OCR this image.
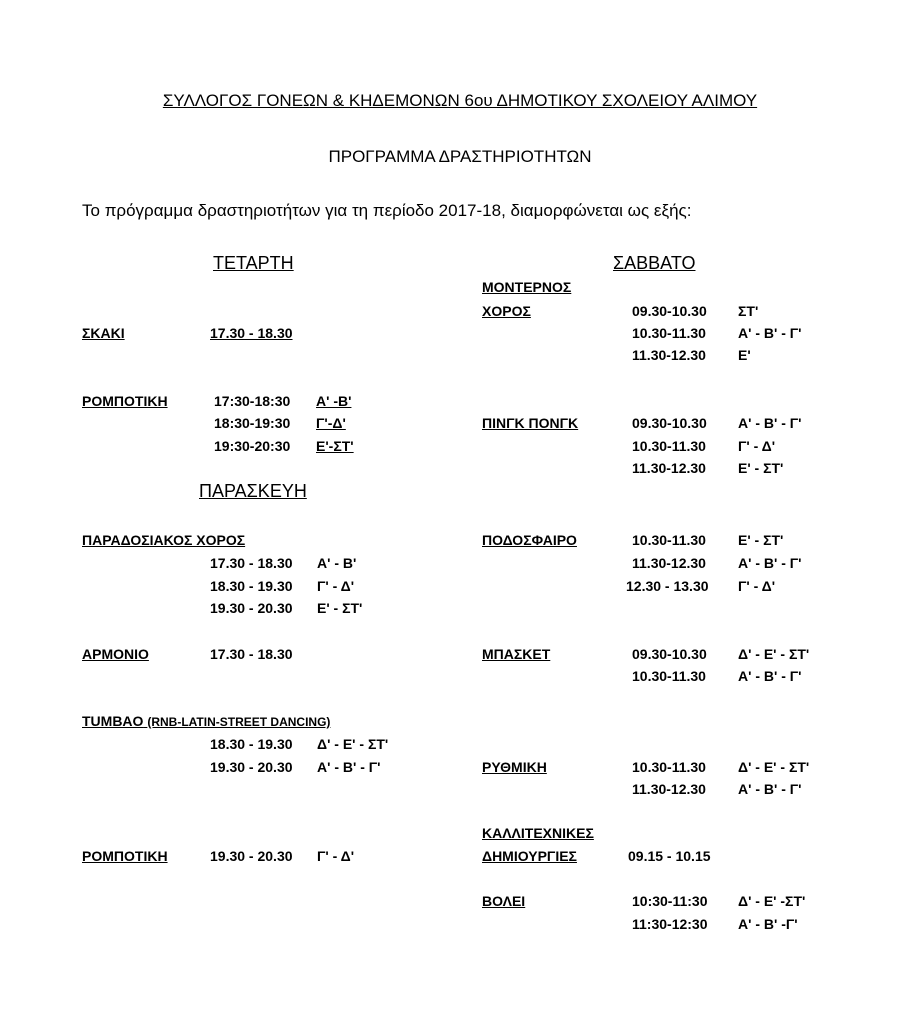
ΣΥΛΛΟΓΟΣ ΓΟΝΕΩΝ & ΚΗΔΕΜΟΝΩΝ 6ου ΔΗΜΟΤΙΚΟΥ ΣΧΟΛΕΙΟΥ ΑΛΙΜΟΥ
ΠΡΟΓΡΑΜΜΑ ΔΡΑΣΤΗΡΙΟΤΗΤΩΝ
Το πρόγραμμα δραστηριοτήτων για τη περίοδο 2017-18, διαμορφώνεται ως εξής:
ΤΕΤΑΡΤΗ
ΣΚΑΚΙ	17.30 - 18.30
ΡΟΜΠΟΤΙΚΗ	17:30-18:30 Α' -Β'
18:30-19:30 Γ'-Δ'
19:30-20:30 Ε'-ΣΤ'
ΠΑΡΑΣΚΕΥΗ
ΠΑΡΑΔΟΣΙΑΚΟΣ ΧΟΡΟΣ
17.30 - 18.30 Α' - Β'
18.30 - 19.30 Γ' - Δ'
19.30 - 20.30 Ε' - ΣΤ'
ΑΡΜΟΝΙΟ	17.30 - 18.30
TUMBAO (RNB-LATIN-STREET DANCING)
18.30 - 19.30 Δ' - Ε' - ΣΤ'
19.30 - 20.30 Α' - Β' - Γ'
ΡΟΜΠΟΤΙΚΗ	19.30 - 20.30 Γ' - Δ'
ΣΑΒΒΑΤΟ
ΜΟΝΤΕΡΝΟΣ
ΧΟΡΟΣ	09.30-10.30 ΣΤ'
10.30-11.30 Α' - Β' - Γ'
11.30-12.30 Ε'
ΠΙΝΓΚ ΠΟΝΓΚ	09.30-10.30 Α' - Β' - Γ'
10.30-11.30 Γ' - Δ'
11.30-12.30 Ε' - ΣΤ'
ΠΟΔΟΣΦΑΙΡΟ	10.30-11.30 Ε' - ΣΤ'
11.30-12.30 Α' - Β' - Γ'
12.30 - 13.30 Γ' - Δ'
ΜΠΑΣΚΕΤ	09.30-10.30 Δ' - Ε' - ΣΤ'
10.30-11.30 Α' - Β' - Γ'
ΡΥΘΜΙΚΗ	10.30-11.30 Δ' - Ε' - ΣΤ'
11.30-12.30 Α' - Β' - Γ'
ΚΑΛΛΙΤΕΧΝΙΚΕΣ
ΔΗΜΙΟΥΡΓΙΕΣ	09.15 - 10.15
ΒΟΛΕΙ	10:30-11:30 Δ' - Ε' -ΣΤ'
11:30-12:30 Α' - Β' -Γ'
